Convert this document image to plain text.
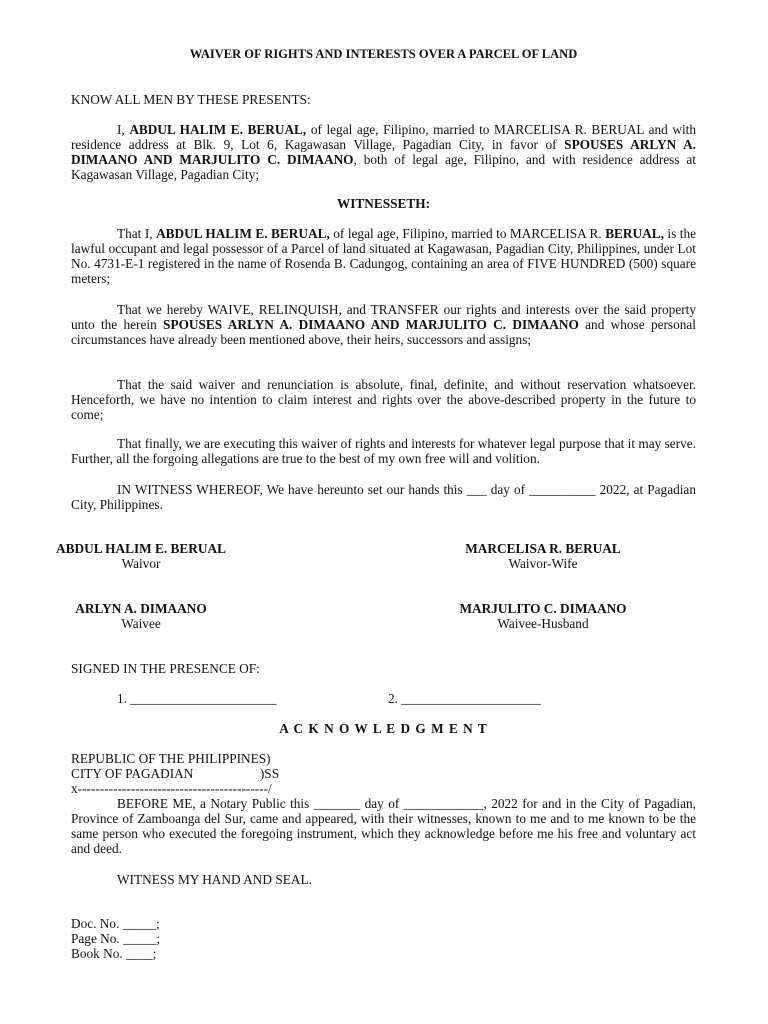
WAIVER OF RIGHTS AND INTERESTS OVER A PARCEL OF LAND
KNOW ALL MEN BY THESE PRESENTS:
I, ABDUL HALIM E. BERUAL, of legal age, Filipino, married to MARCELISA R. BERUAL and with residence address at Blk. 9, Lot 6, Kagawasan Village, Pagadian City, in favor of SPOUSES ARLYN A. DIMAANO AND MARJULITO C. DIMAANO, both of legal age, Filipino, and with residence address at Kagawasan Village, Pagadian City;
WITNESSETH:
That I, ABDUL HALIM E. BERUAL, of legal age, Filipino, married to MARCELISA R. BERUAL, is the lawful occupant and legal possessor of a Parcel of land situated at Kagawasan, Pagadian City, Philippines, under Lot No. 4731-E-1 registered in the name of Rosenda B. Cadungog, containing an area of FIVE HUNDRED (500) square meters;
That we hereby WAIVE, RELINQUISH, and TRANSFER our rights and interests over the said property unto the herein SPOUSES ARLYN A. DIMAANO AND MARJULITO C. DIMAANO and whose personal circumstances have already been mentioned above, their heirs, successors and assigns;
That the said waiver and renunciation is absolute, final, definite, and without reservation whatsoever. Henceforth, we have no intention to claim interest and rights over the above-described property in the future to come;
That finally, we are executing this waiver of rights and interests for whatever legal purpose that it may serve. Further, all the forgoing allegations are true to the best of my own free will and volition.
IN WITNESS WHEREOF, We have hereunto set our hands this ___ day of __________ 2022, at Pagadian City, Philippines.
ABDUL HALIM E. BERUAL
Waivor
MARCELISA R. BERUAL
Waivor-Wife
ARLYN A. DIMAANO
Waivee
MARJULITO C. DIMAANO
Waivee-Husband
SIGNED IN THE PRESENCE OF:
1. ______________________	2. _____________________
A C K N O W L E D G M E N T
REPUBLIC OF THE PHILIPPINES)
CITY OF PAGADIAN                    )SS
x-------------------------------------------/
BEFORE ME, a Notary Public this _______ day of ____________, 2022 for and in the City of Pagadian, Province of Zamboanga del Sur, came and appeared, with their witnesses, known to me and to me known to be the same person who executed the foregoing instrument, which they acknowledge before me his free and voluntary act and deed.
WITNESS MY HAND AND SEAL.
Doc. No. _____;
Page No. _____;
Book No. ____;
